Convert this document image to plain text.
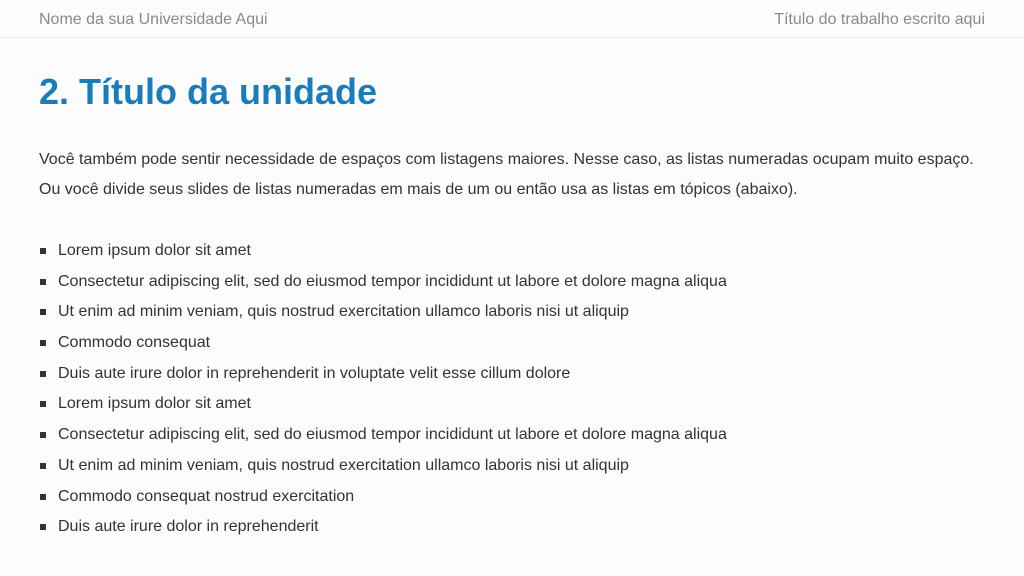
Nome da sua Universidade Aqui	Título do trabalho escrito aqui
2. Título da unidade

Você também pode sentir necessidade de espaços com listagens maiores. Nesse caso, as listas numeradas ocupam muito espaço. Ou você divide seus slides de listas numeradas em mais de um ou então usa as listas em tópicos (abaixo).

Lorem ipsum dolor sit amet
Consectetur adipiscing elit, sed do eiusmod tempor incididunt ut labore et dolore magna aliqua
Ut enim ad minim veniam, quis nostrud exercitation ullamco laboris nisi ut aliquip
Commodo consequat
Duis aute irure dolor in reprehenderit in voluptate velit esse cillum dolore
Lorem ipsum dolor sit amet
Consectetur adipiscing elit, sed do eiusmod tempor incididunt ut labore et dolore magna aliqua
Ut enim ad minim veniam, quis nostrud exercitation ullamco laboris nisi ut aliquip
Commodo consequat nostrud exercitation
Duis aute irure dolor in reprehenderit
